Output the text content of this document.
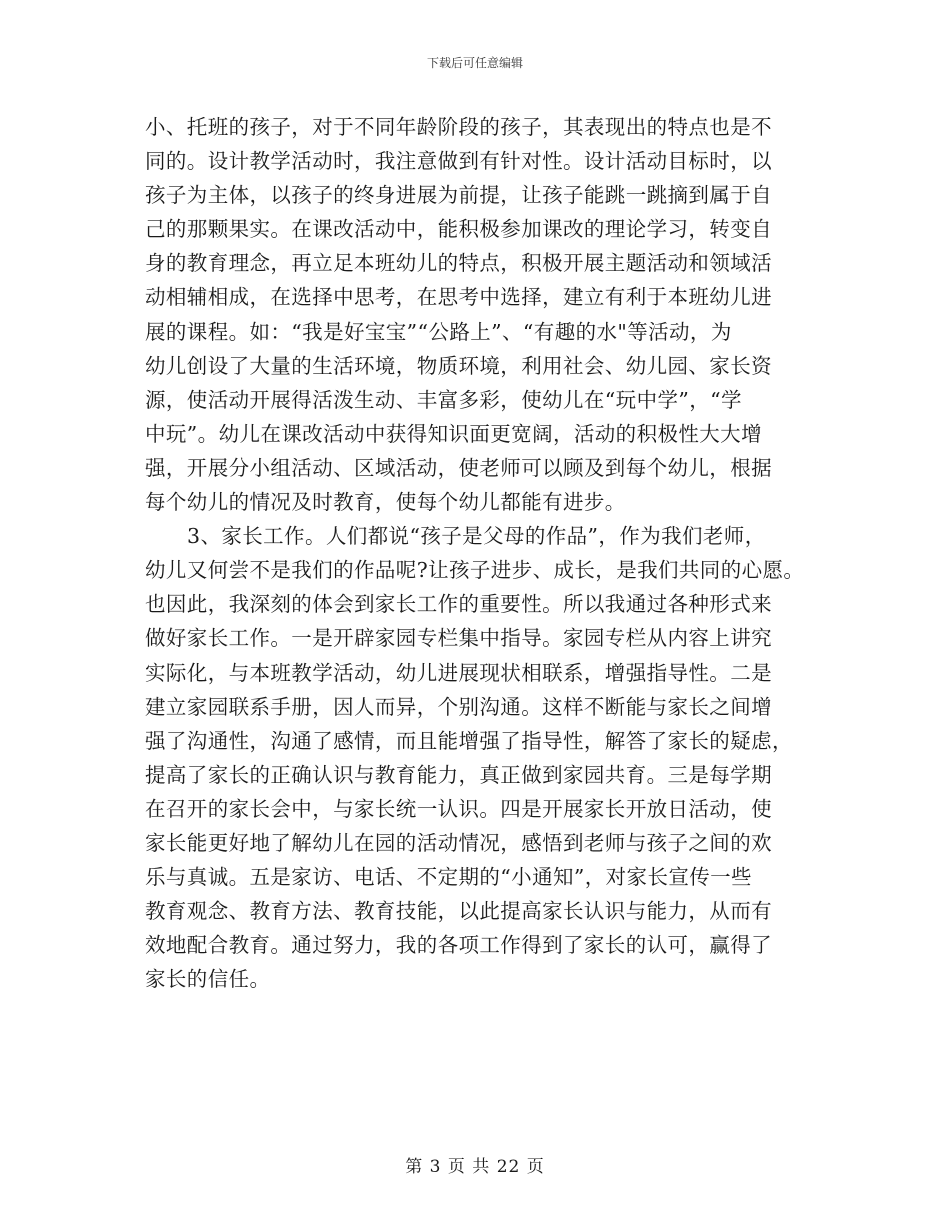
下载后可任意编辑
小、托班的孩子，对于不同年龄阶段的孩子，其表现出的特点也是不
同的。设计教学活动时，我注意做到有针对性。设计活动目标时，以
孩子为主体，以孩子的终身进展为前提，让孩子能跳一跳摘到属于自
己的那颗果实。在课改活动中，能积极参加课改的理论学习，转变自
身的教育理念，再立足本班幼儿的特点，积极开展主题活动和领域活
动相辅相成，在选择中思考，在思考中选择，建立有利于本班幼儿进
展的课程。如：“我是好宝宝”“公路上”、“有趣的水"等活动，为
幼儿创设了大量的生活环境，物质环境，利用社会、幼儿园、家长资
源，使活动开展得活泼生动、丰富多彩，使幼儿在“玩中学”，“学
中玩”。幼儿在课改活动中获得知识面更宽阔，活动的积极性大大增
强，开展分小组活动、区域活动，使老师可以顾及到每个幼儿，根据
每个幼儿的情况及时教育，使每个幼儿都能有进步。
3、家长工作。人们都说“孩子是父母的作品”，作为我们老师，
幼儿又何尝不是我们的作品呢?让孩子进步、成长，是我们共同的心愿。
也因此，我深刻的体会到家长工作的重要性。所以我通过各种形式来
做好家长工作。一是开辟家园专栏集中指导。家园专栏从内容上讲究
实际化，与本班教学活动，幼儿进展现状相联系，增强指导性。二是
建立家园联系手册，因人而异，个别沟通。这样不断能与家长之间增
强了沟通性，沟通了感情，而且能增强了指导性，解答了家长的疑虑，
提高了家长的正确认识与教育能力，真正做到家园共育。三是每学期
在召开的家长会中，与家长统一认识。四是开展家长开放日活动，使
家长能更好地了解幼儿在园的活动情况，感悟到老师与孩子之间的欢
乐与真诚。五是家访、电话、不定期的“小通知”，对家长宣传一些
教育观念、教育方法、教育技能，以此提高家长认识与能力，从而有
效地配合教育。通过努力，我的各项工作得到了家长的认可，赢得了
家长的信任。
第 3 页 共 22 页
